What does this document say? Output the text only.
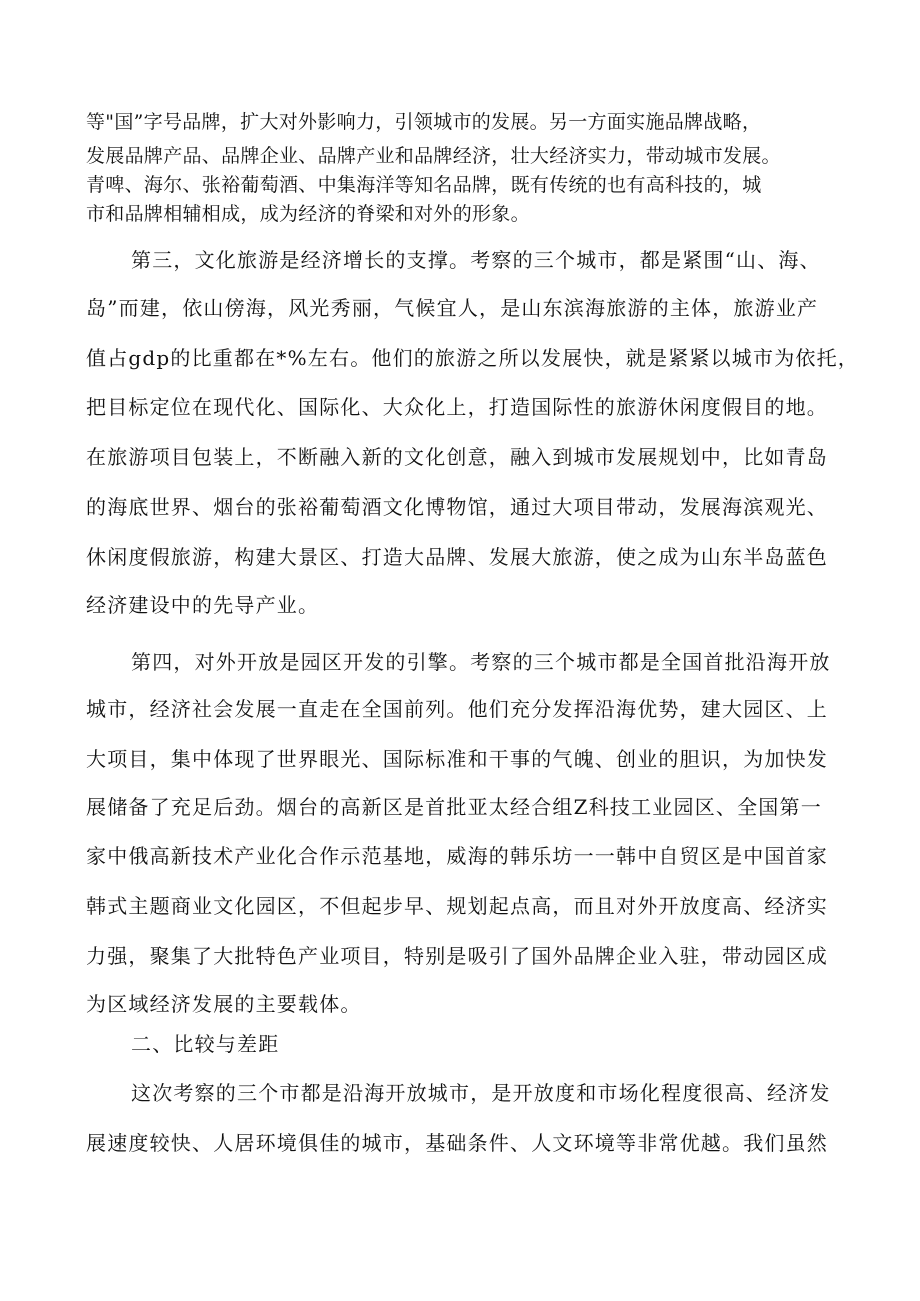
等"国”字号品牌，扩大对外影响力，引领城市的发展。另一方面实施品牌战略，
发展品牌产品、品牌企业、品牌产业和品牌经济，壮大经济实力，带动城市发展。
青啤、海尔、张裕葡萄酒、中集海洋等知名品牌，既有传统的也有高科技的，城
市和品牌相辅相成，成为经济的脊梁和对外的形象。
第三，文化旅游是经济增长的支撑。考察的三个城市，都是紧围“山、海、
岛”而建，依山傍海，风光秀丽，气候宜人，是山东滨海旅游的主体，旅游业产
值占gdp的比重都在*%左右。他们的旅游之所以发展快，就是紧紧以城市为依托，
把目标定位在现代化、国际化、大众化上，打造国际性的旅游休闲度假目的地。
在旅游项目包装上，不断融入新的文化创意，融入到城市发展规划中，比如青岛
的海底世界、烟台的张裕葡萄酒文化博物馆，通过大项目带动，发展海滨观光、
休闲度假旅游，构建大景区、打造大品牌、发展大旅游，使之成为山东半岛蓝色
经济建设中的先导产业。
第四，对外开放是园区开发的引擎。考察的三个城市都是全国首批沿海开放
城市，经济社会发展一直走在全国前列。他们充分发挥沿海优势，建大园区、上
大项目，集中体现了世界眼光、国际标准和干事的气魄、创业的胆识，为加快发
展储备了充足后劲。烟台的高新区是首批亚太经合组Z科技工业园区、全国第一
家中俄高新技术产业化合作示范基地，威海的韩乐坊一一韩中自贸区是中国首家
韩式主题商业文化园区，不但起步早、规划起点高，而且对外开放度高、经济实
力强，聚集了大批特色产业项目，特别是吸引了国外品牌企业入驻，带动园区成
为区域经济发展的主要载体。
二、比较与差距
这次考察的三个市都是沿海开放城市，是开放度和市场化程度很高、经济发
展速度较快、人居环境俱佳的城市，基础条件、人文环境等非常优越。我们虽然
